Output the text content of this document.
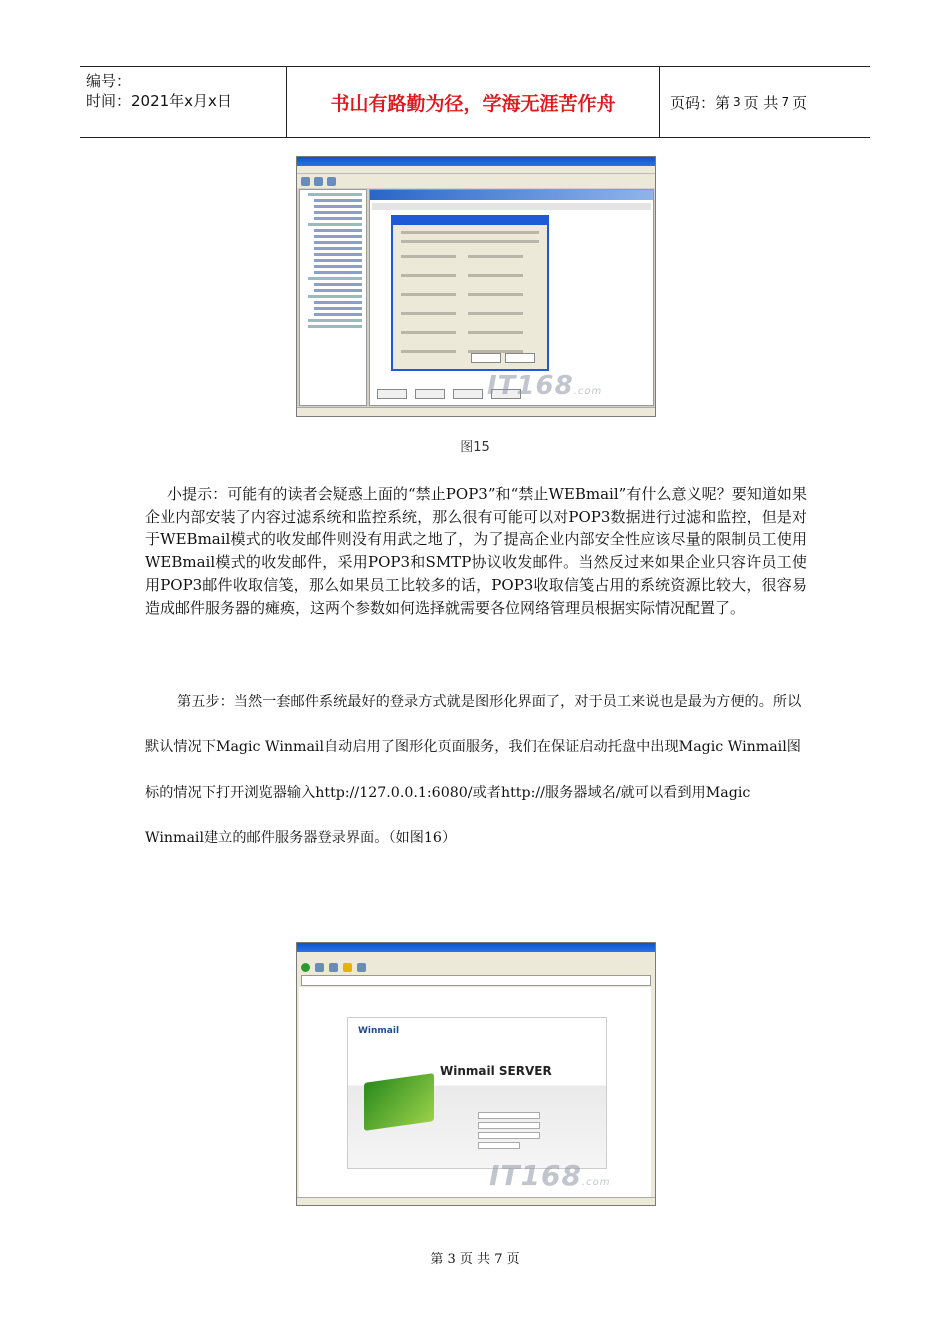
编号：
时间：2021年x月x日	书山有路勤为径，学海无涯苦作舟	页码：第 3 页 共 7 页

IT168.com
图15

小提示：可能有的读者会疑惑上面的“禁止POP3”和“禁止WEBmail”有什么意义呢？要知道如果企业内部安装了内容过滤系统和监控系统，那么很有可能可以对POP3数据进行过滤和监控，但是对于WEBmail模式的收发邮件则没有用武之地了，为了提高企业内部安全性应该尽量的限制员工使用WEBmail模式的收发邮件，采用POP3和SMTP协议收发邮件。当然反过来如果企业只容许员工使用POP3邮件收取信笺，那么如果员工比较多的话，POP3收取信笺占用的系统资源比较大，很容易造成邮件服务器的瘫痪，这两个参数如何选择就需要各位网络管理员根据实际情况配置了。

第五步：当然一套邮件系统最好的登录方式就是图形化界面了，对于员工来说也是最为方便的。所以默认情况下Magic Winmail自动启用了图形化页面服务，我们在保证启动托盘中出现Magic Winmail图标的情况下打开浏览器输入http://127.0.0.1:6080/或者http://服务器域名/就可以看到用Magic Winmail建立的邮件服务器登录界面。（如图16）

Winmail
Winmail SERVER
IT168.com
第 3 页 共 7 页
